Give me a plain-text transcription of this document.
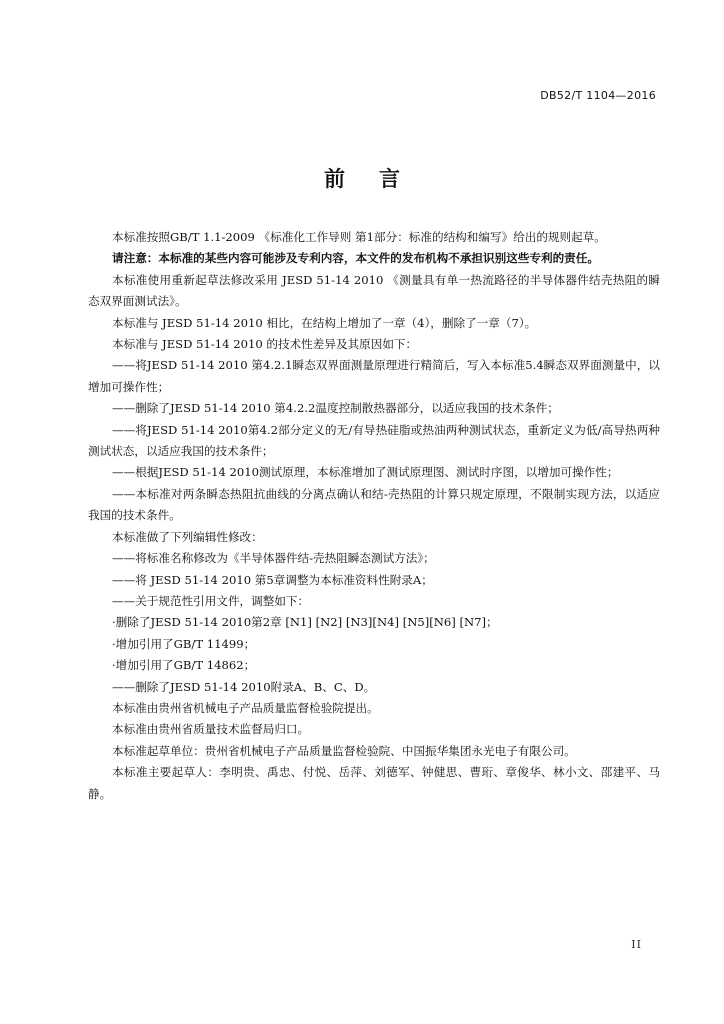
DB52/T 1104—2016
前言

本标准按照GB/T 1.1-2009 《标准化工作导则 第1部分：标准的结构和编写》给出的规则起草。

请注意：本标准的某些内容可能涉及专利内容，本文件的发布机构不承担识别这些专利的责任。

本标准使用重新起草法修改采用 JESD 51-14 2010 《测量具有单一热流路径的半导体器件结壳热阻的瞬态双界面测试法》。

本标准与 JESD 51-14 2010 相比，在结构上增加了一章（4），删除了一章（7）。

本标准与 JESD 51-14 2010 的技术性差异及其原因如下：

——将JESD 51-14 2010 第4.2.1瞬态双界面测量原理进行精简后，写入本标准5.4瞬态双界面测量中，以增加可操作性；

——删除了JESD 51-14 2010 第4.2.2温度控制散热器部分，以适应我国的技术条件；

——将JESD 51-14 2010第4.2部分定义的无/有导热硅脂或热油两种测试状态，重新定义为低/高导热两种测试状态，以适应我国的技术条件；

——根据JESD 51-14 2010测试原理，本标准增加了测试原理图、测试时序图，以增加可操作性；

——本标准对两条瞬态热阻抗曲线的分离点确认和结-壳热阻的计算只规定原理，不限制实现方法，以适应我国的技术条件。

本标准做了下列编辑性修改：

——将标准名称修改为《半导体器件结-壳热阻瞬态测试方法》；

——将 JESD 51-14 2010 第5章调整为本标准资料性附录A；

——关于规范性引用文件，调整如下：

·删除了JESD 51-14 2010第2章 [N1] [N2] [N3][N4] [N5][N6] [N7]；

·增加引用了GB/T 11499；

·增加引用了GB/T 14862；

——删除了JESD 51-14 2010附录A、B、C、D。

本标准由贵州省机械电子产品质量监督检验院提出。

本标准由贵州省质量技术监督局归口。

本标准起草单位：贵州省机械电子产品质量监督检验院、中国振华集团永光电子有限公司。

本标准主要起草人：李明贵、禹忠、付悦、岳萍、刘德军、钟健思、曹珩、章俊华、林小文、邵建平、马静。

II
